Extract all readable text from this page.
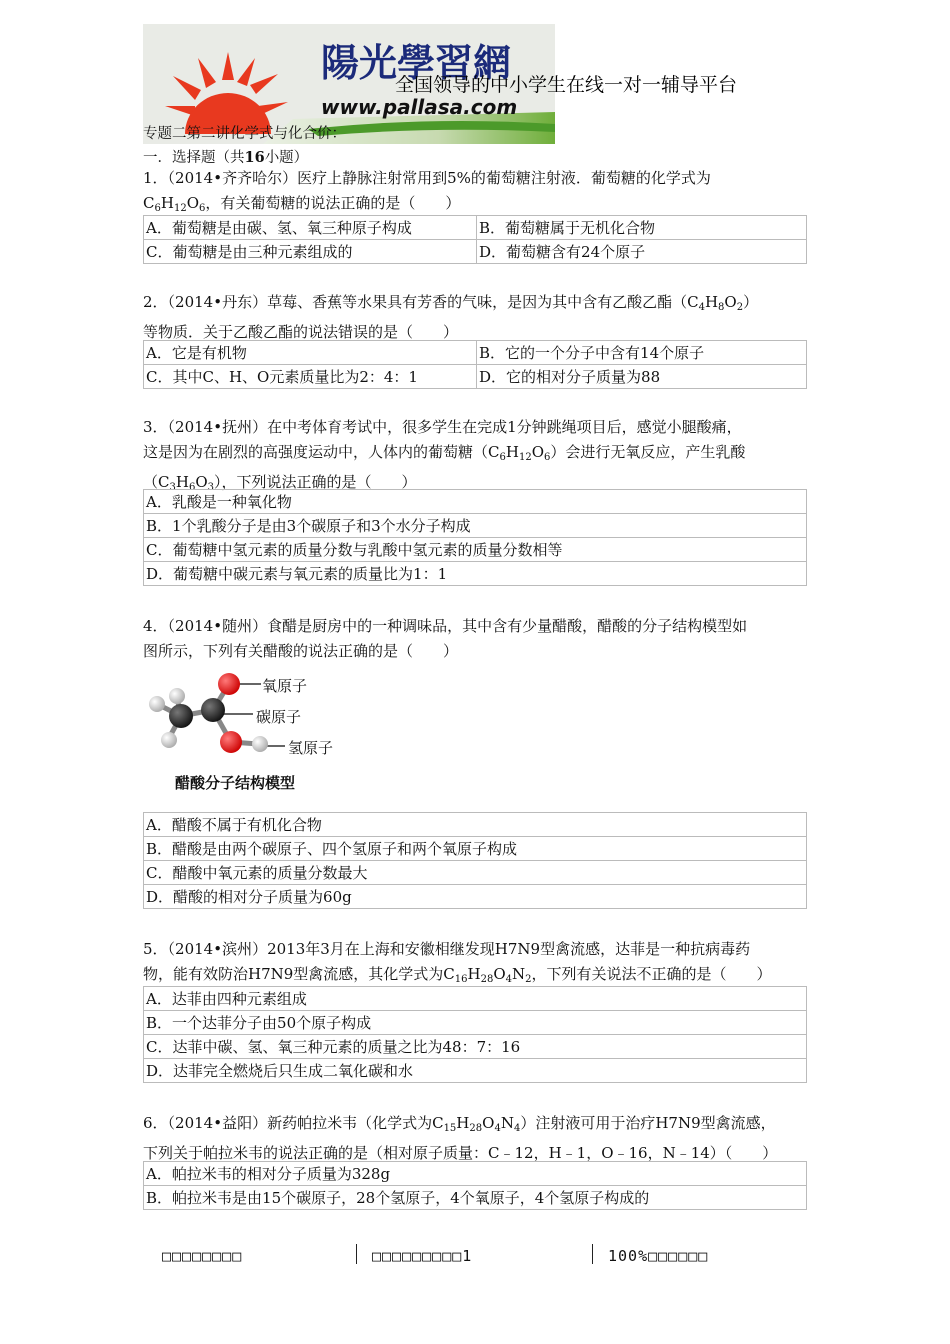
陽光學習網
www.pallasa.com
全国领导的中小学生在线一对一辅导平台
专题二第二讲化学式与化合价：
一．选择题（共16小题）
1．（2014•齐齐哈尔）医疗上静脉注射常用到5%的葡萄糖注射液．葡萄糖的化学式为
$C_6H_{12}O_6$，有关葡萄糖的说法正确的是（　　）
A．葡萄糖是由碳、氢、氧三种原子构成	B．葡萄糖属于无机化合物
C．葡萄糖是由三种元素组成的	D．葡萄糖含有24个原子
2．（2014•丹东）草莓、香蕉等水果具有芳香的气味，是因为其中含有乙酸乙酯$(C_4H_8O_2)$
等物质．关于乙酸乙酯的说法错误的是（　　）
A．它是有机物	B．它的一个分子中含有14个原子
C．其中C、H、O元素质量比为2：4：1	D．它的相对分子质量为88
3．（2014•抚州）在中考体育考试中，很多学生在完成1分钟跳绳项目后，感觉小腿酸痛，
这是因为在剧烈的高强度运动中，人体内的葡萄糖$(C_6H_{12}O_6)$会进行无氧反应，产生乳酸
$(C_3H_6O_3)$，下列说法正确的是（　　）
A．乳酸是一种氧化物
B．1个乳酸分子是由3个碳原子和3个水分子构成
C．葡萄糖中氢元素的质量分数与乳酸中氢元素的质量分数相等
D．葡萄糖中碳元素与氧元素的质量比为1：1
4．（2014•随州）食醋是厨房中的一种调味品，其中含有少量醋酸，醋酸的分子结构模型如
图所示，下列有关醋酸的说法正确的是（　　）
氧原子
碳原子
氢原子
醋酸分子结构模型
A．醋酸不属于有机化合物
B．醋酸是由两个碳原子、四个氢原子和两个氧原子构成
C．醋酸中氧元素的质量分数最大
D．醋酸的相对分子质量为60g
5．（2014•滨州）2013年3月在上海和安徽相继发现H7N9型禽流感，达菲是一种抗病毒药
物，能有效防治H7N9型禽流感，其化学式为$C_{16}H_{28}O_4N_2$，下列有关说法不正确的是（　　）
A．达菲由四种元素组成
B．一个达菲分子由50个原子构成
C．达菲中碳、氢、氧三种元素的质量之比为48：7：16
D．达菲完全燃烧后只生成二氧化碳和水
6．（2014•益阳）新药帕拉米韦（化学式为$C_{15}H_{28}O_4N_4$）注射液可用于治疗H7N9型禽流感，
下列关于帕拉米韦的说法正确的是（相对原子质量：C﹣12，H﹣1，O﹣16，N﹣14）（　　）
A．帕拉米韦的相对分子质量为328g
B．帕拉米韦是由15个碳原子，28个氢原子，4个氧原子，4个氢原子构成的
□□□□□□□□	□□□□□□□□□1	100%□□□□□□
